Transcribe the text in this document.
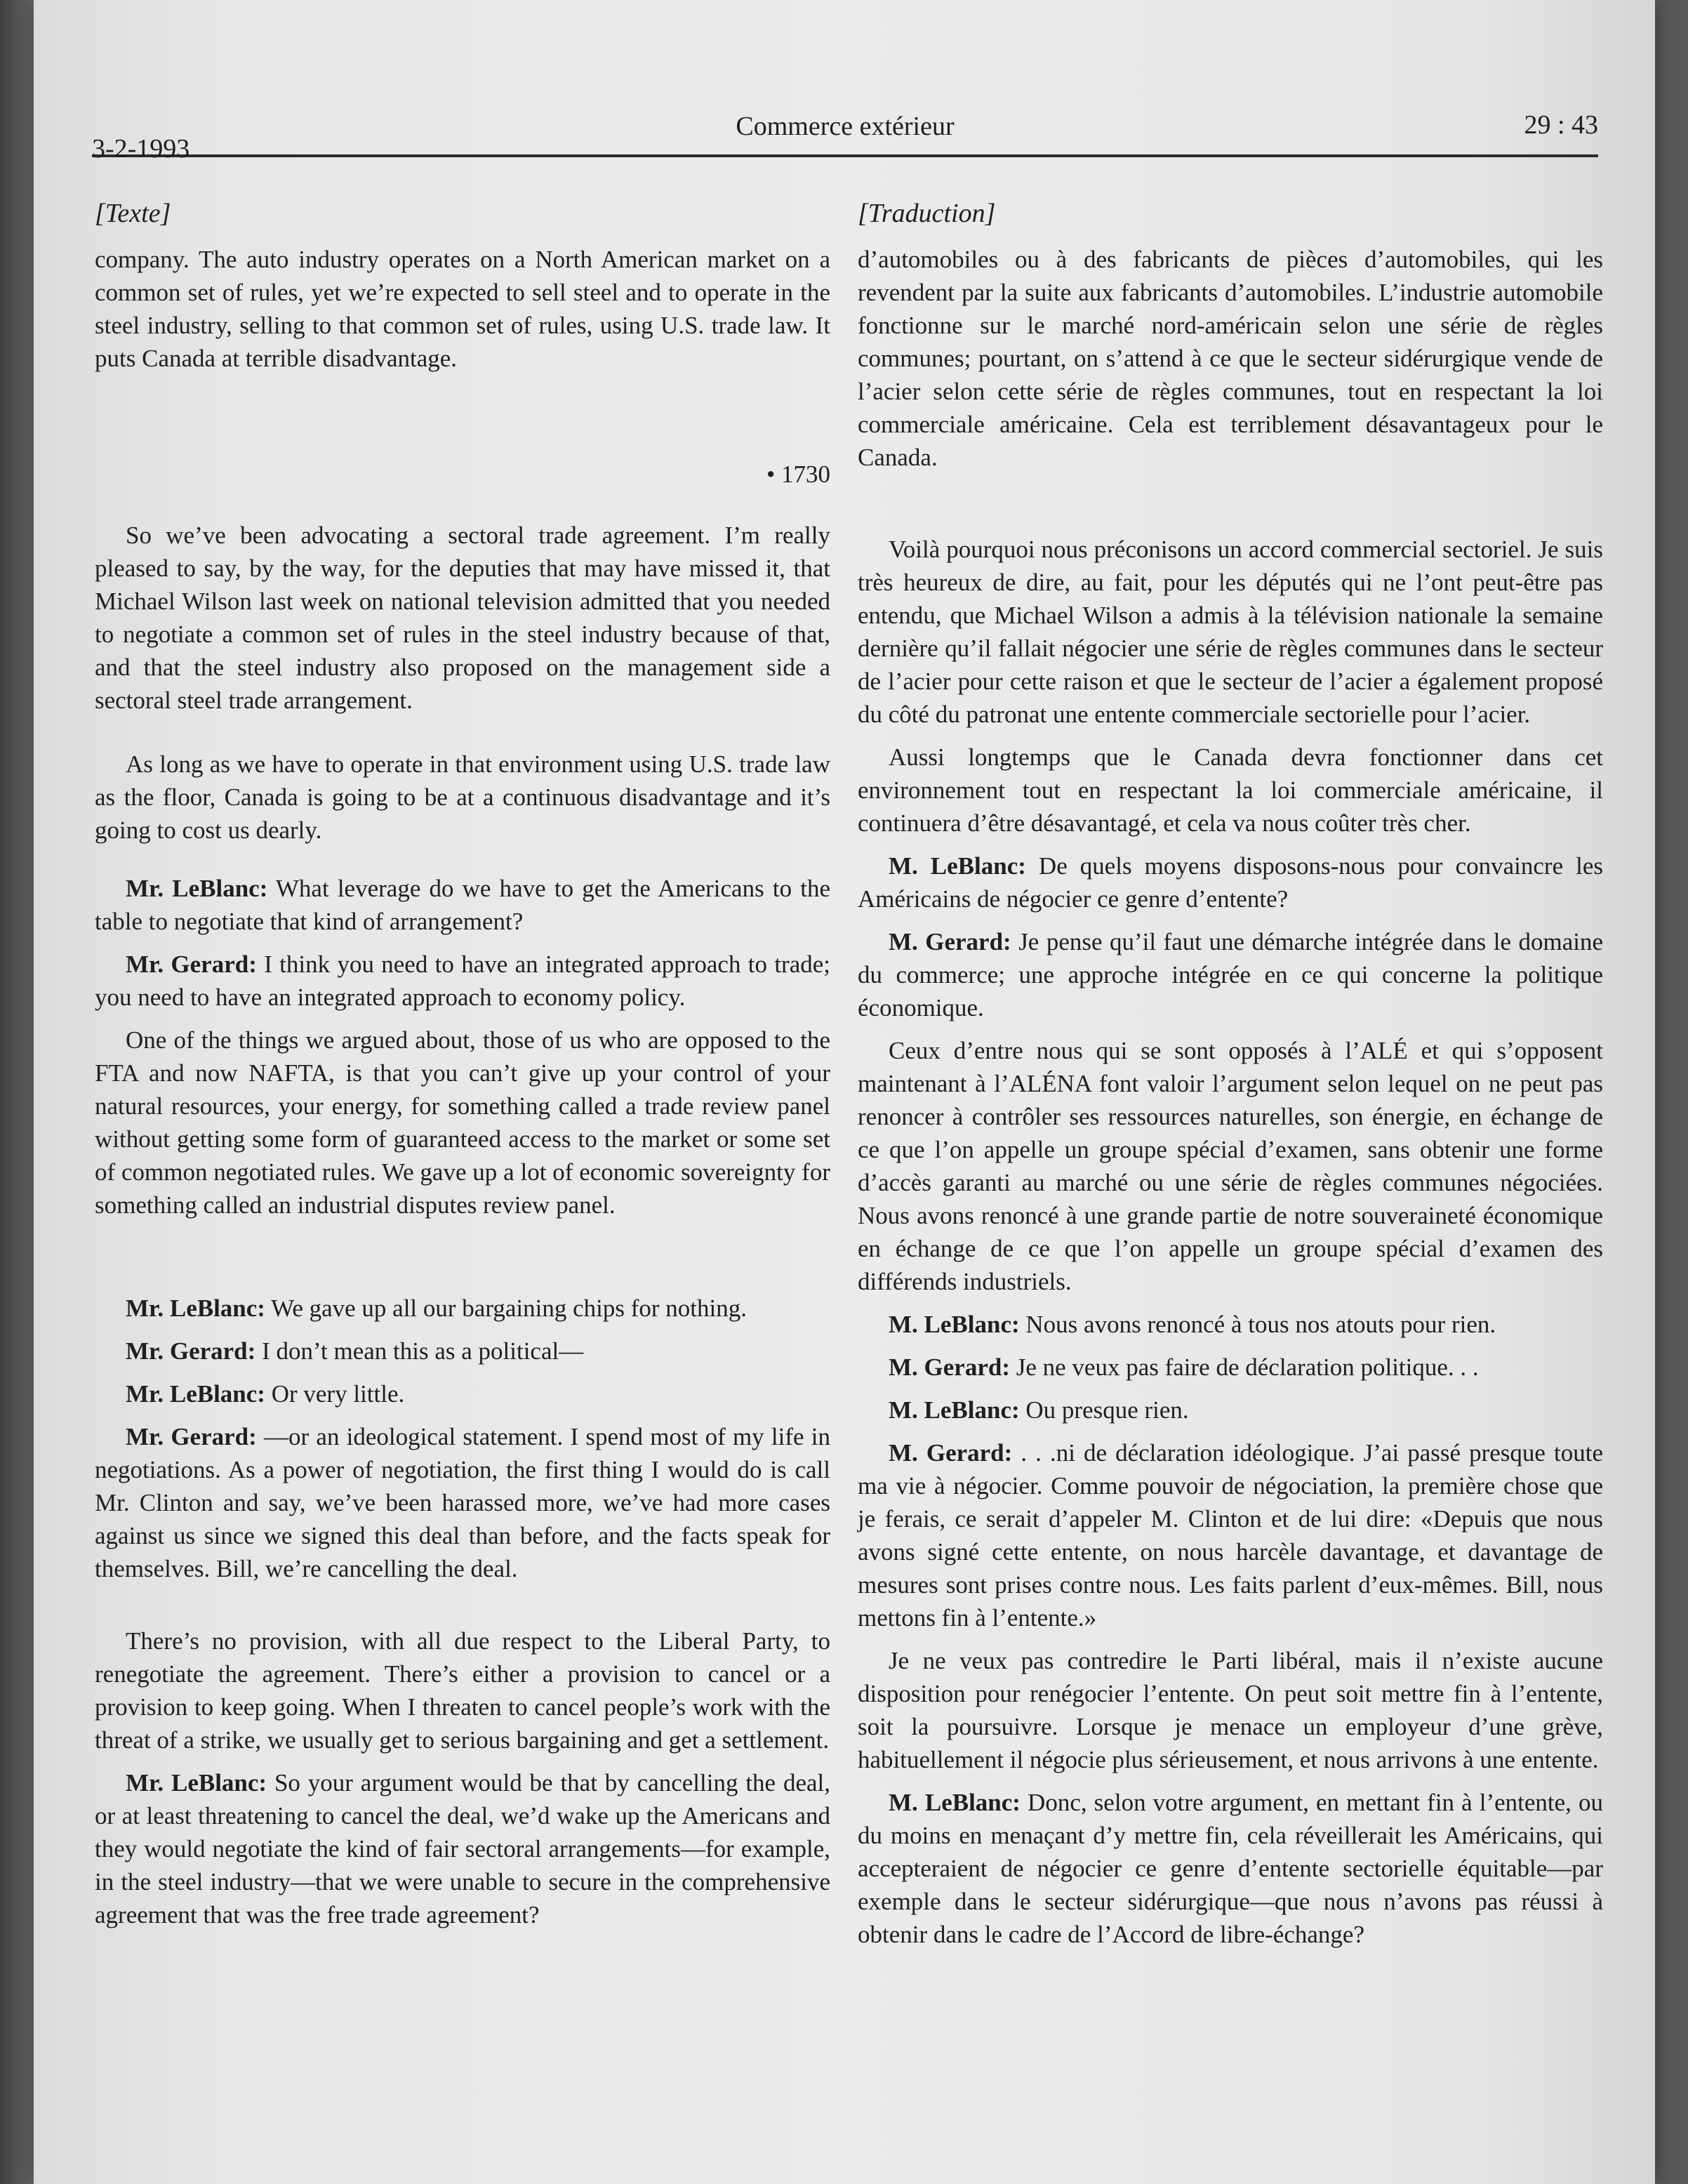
3-2-1993
Commerce extérieur	29 : 43
[Texte]

company. The auto industry operates on a North American market on a common set of rules, yet we’re expected to sell steel and to operate in the steel industry, selling to that common set of rules, using U.S. trade law. It puts Canada at terrible disadvantage.

• 1730

So we’ve been advocating a sectoral trade agreement. I’m really pleased to say, by the way, for the deputies that may have missed it, that Michael Wilson last week on national television admitted that you needed to negotiate a common set of rules in the steel industry because of that, and that the steel industry also proposed on the management side a sectoral steel trade arrangement.

As long as we have to operate in that environment using U.S. trade law as the floor, Canada is going to be at a continuous disadvantage and it’s going to cost us dearly.

Mr. LeBlanc: What leverage do we have to get the Americans to the table to negotiate that kind of arrangement?

Mr. Gerard: I think you need to have an integrated approach to trade; you need to have an integrated approach to economy policy.

One of the things we argued about, those of us who are opposed to the FTA and now NAFTA, is that you can’t give up your control of your natural resources, your energy, for something called a trade review panel without getting some form of guaranteed access to the market or some set of common negotiated rules. We gave up a lot of economic sovereignty for something called an industrial disputes review panel.

Mr. LeBlanc: We gave up all our bargaining chips for nothing.

Mr. Gerard: I don’t mean this as a political—

Mr. LeBlanc: Or very little.

Mr. Gerard: —or an ideological statement. I spend most of my life in negotiations. As a power of negotiation, the first thing I would do is call Mr. Clinton and say, we’ve been harassed more, we’ve had more cases against us since we signed this deal than before, and the facts speak for themselves. Bill, we’re cancelling the deal.

There’s no provision, with all due respect to the Liberal Party, to renegotiate the agreement. There’s either a provision to cancel or a provision to keep going. When I threaten to cancel people’s work with the threat of a strike, we usually get to serious bargaining and get a settlement.

Mr. LeBlanc: So your argument would be that by cancelling the deal, or at least threatening to cancel the deal, we’d wake up the Americans and they would negotiate the kind of fair sectoral arrangements—for example, in the steel industry—that we were unable to secure in the comprehensive agreement that was the free trade agreement?

[Traduction]

d’automobiles ou à des fabricants de pièces d’automobiles, qui les revendent par la suite aux fabricants d’automobiles. L’industrie automobile fonctionne sur le marché nord-américain selon une série de règles communes; pourtant, on s’attend à ce que le secteur sidérurgique vende de l’acier selon cette série de règles communes, tout en respectant la loi commerciale américaine. Cela est terriblement désavantageux pour le Canada.

Voilà pourquoi nous préconisons un accord commercial sectoriel. Je suis très heureux de dire, au fait, pour les députés qui ne l’ont peut-être pas entendu, que Michael Wilson a admis à la télévision nationale la semaine dernière qu’il fallait négocier une série de règles communes dans le secteur de l’acier pour cette raison et que le secteur de l’acier a également proposé du côté du patronat une entente commerciale sectorielle pour l’acier.

Aussi longtemps que le Canada devra fonctionner dans cet environnement tout en respectant la loi commerciale américaine, il continuera d’être désavantagé, et cela va nous coûter très cher.

M. LeBlanc: De quels moyens disposons-nous pour convaincre les Américains de négocier ce genre d’entente?

M. Gerard: Je pense qu’il faut une démarche intégrée dans le domaine du commerce; une approche intégrée en ce qui concerne la politique économique.

Ceux d’entre nous qui se sont opposés à l’ALÉ et qui s’opposent maintenant à l’ALÉNA font valoir l’argument selon lequel on ne peut pas renoncer à contrôler ses ressources naturelles, son énergie, en échange de ce que l’on appelle un groupe spécial d’examen, sans obtenir une forme d’accès garanti au marché ou une série de règles communes négociées. Nous avons renoncé à une grande partie de notre souveraineté économique en échange de ce que l’on appelle un groupe spécial d’examen des différends industriels.

M. LeBlanc: Nous avons renoncé à tous nos atouts pour rien.

M. Gerard: Je ne veux pas faire de déclaration politique. . .

M. LeBlanc: Ou presque rien.

M. Gerard: . . .ni de déclaration idéologique. J’ai passé presque toute ma vie à négocier. Comme pouvoir de négociation, la première chose que je ferais, ce serait d’appeler M. Clinton et de lui dire: «Depuis que nous avons signé cette entente, on nous harcèle davantage, et davantage de mesures sont prises contre nous. Les faits parlent d’eux-mêmes. Bill, nous mettons fin à l’entente.»

Je ne veux pas contredire le Parti libéral, mais il n’existe aucune disposition pour renégocier l’entente. On peut soit mettre fin à l’entente, soit la poursuivre. Lorsque je menace un employeur d’une grève, habituellement il négocie plus sérieusement, et nous arrivons à une entente.

M. LeBlanc: Donc, selon votre argument, en mettant fin à l’entente, ou du moins en menaçant d’y mettre fin, cela réveillerait les Américains, qui accepteraient de négocier ce genre d’entente sectorielle équitable—par exemple dans le secteur sidérurgique—que nous n’avons pas réussi à obtenir dans le cadre de l’Accord de libre-échange?
